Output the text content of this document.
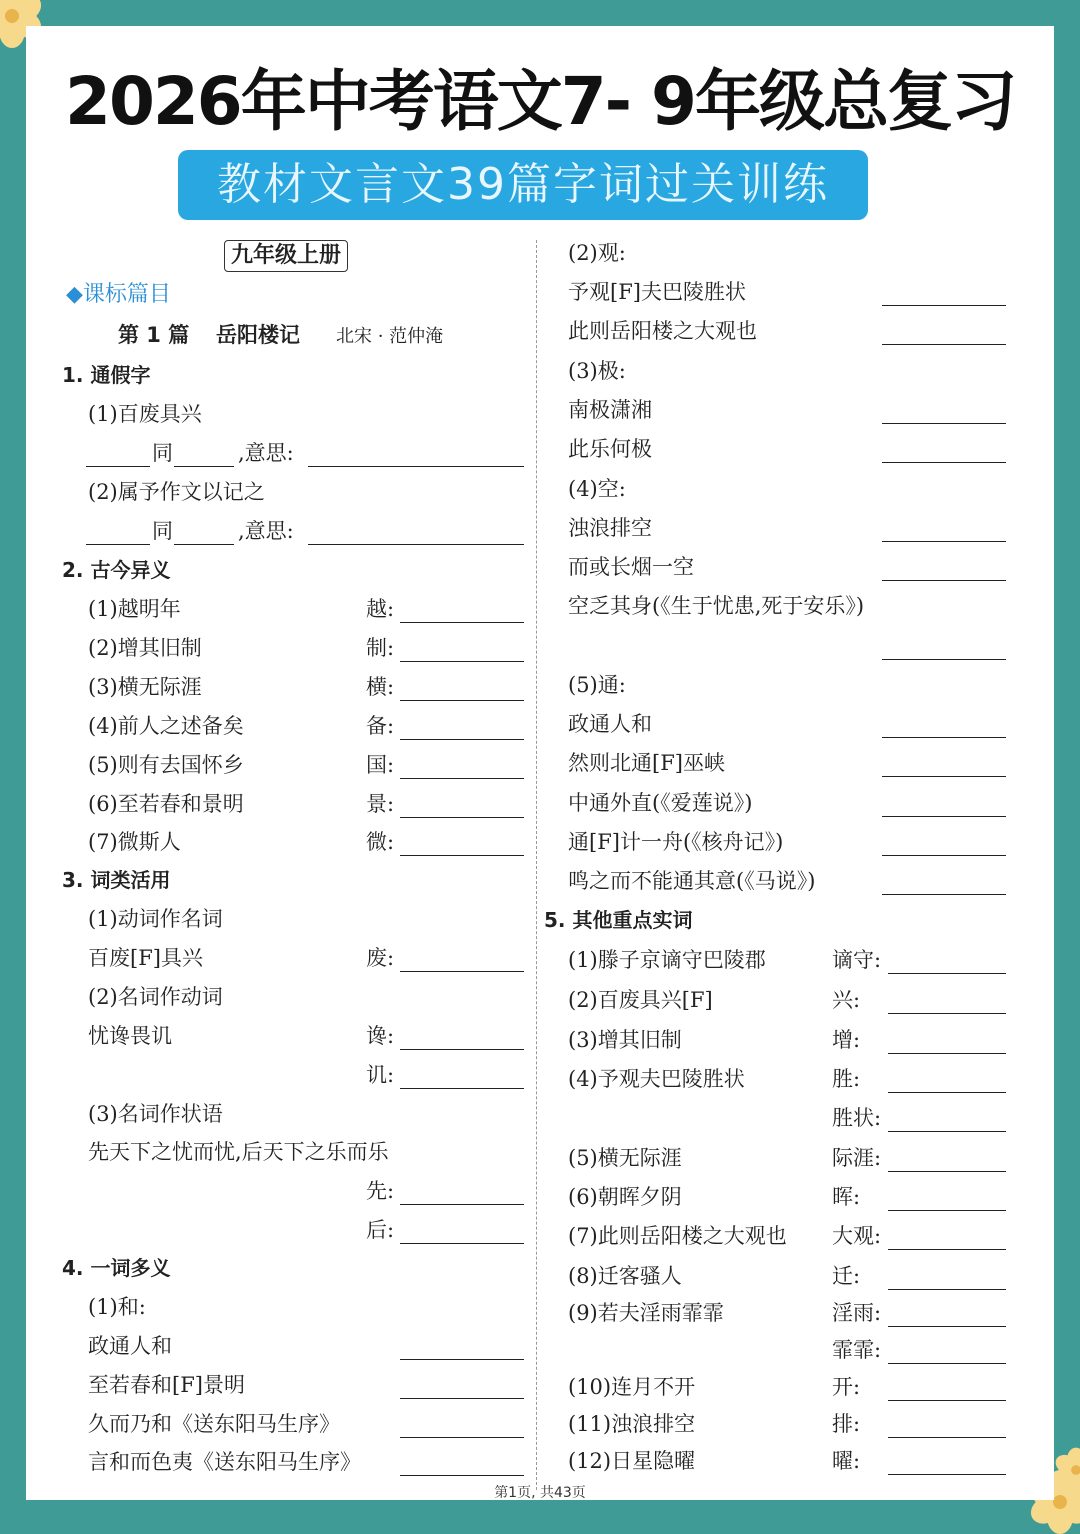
2026年中考语文7- 9年级总复习
教材文言文39篇字词过关训练
九年级上册
◆课标篇目
第 1 篇 岳阳楼记 北宋 · 范仲淹
1. 通假字
(1)百废具兴
同	,意思:
(2)属予作文以记之
同	,意思:
2. 古今异义
(1)越明年	越:
(2)增其旧制	制:
(3)横无际涯	横:
(4)前人之述备矣	备:
(5)则有去国怀乡	国:
(6)至若春和景明	景:
(7)微斯人	微:
3. 词类活用
(1)动词作名词
百废[F]具兴	废:
(2)名词作动词
忧谗畏讥	谗:
讥:
(3)名词作状语
先天下之忧而忧,后天下之乐而乐
先:
后:
4. 一词多义
(1)和:
政通人和
至若春和[F]景明
久而乃和《送东阳马生序》
言和而色夷《送东阳马生序》
(2)观:
予观[F]夫巴陵胜状
此则岳阳楼之大观也
(3)极:
南极潇湘
此乐何极
(4)空:
浊浪排空
而或长烟一空
空乏其身(《生于忧患,死于安乐》)
(5)通:
政通人和
然则北通[F]巫峡
中通外直(《爱莲说》)
通[F]计一舟(《核舟记》)
鸣之而不能通其意(《马说》)
5. 其他重点实词
(1)滕子京谪守巴陵郡	谪守:
(2)百废具兴[F]	兴:
(3)增其旧制	增:
(4)予观夫巴陵胜状	胜:
胜状:
(5)横无际涯	际涯:
(6)朝晖夕阴	晖:
(7)此则岳阳楼之大观也 大观:
(8)迁客骚人	迁:
(9)若夫淫雨霏霏	淫雨:
霏霏:
(10)连月不开	开:
(11)浊浪排空	排:
(12)日星隐曜	曜:
第1页, 共43页
